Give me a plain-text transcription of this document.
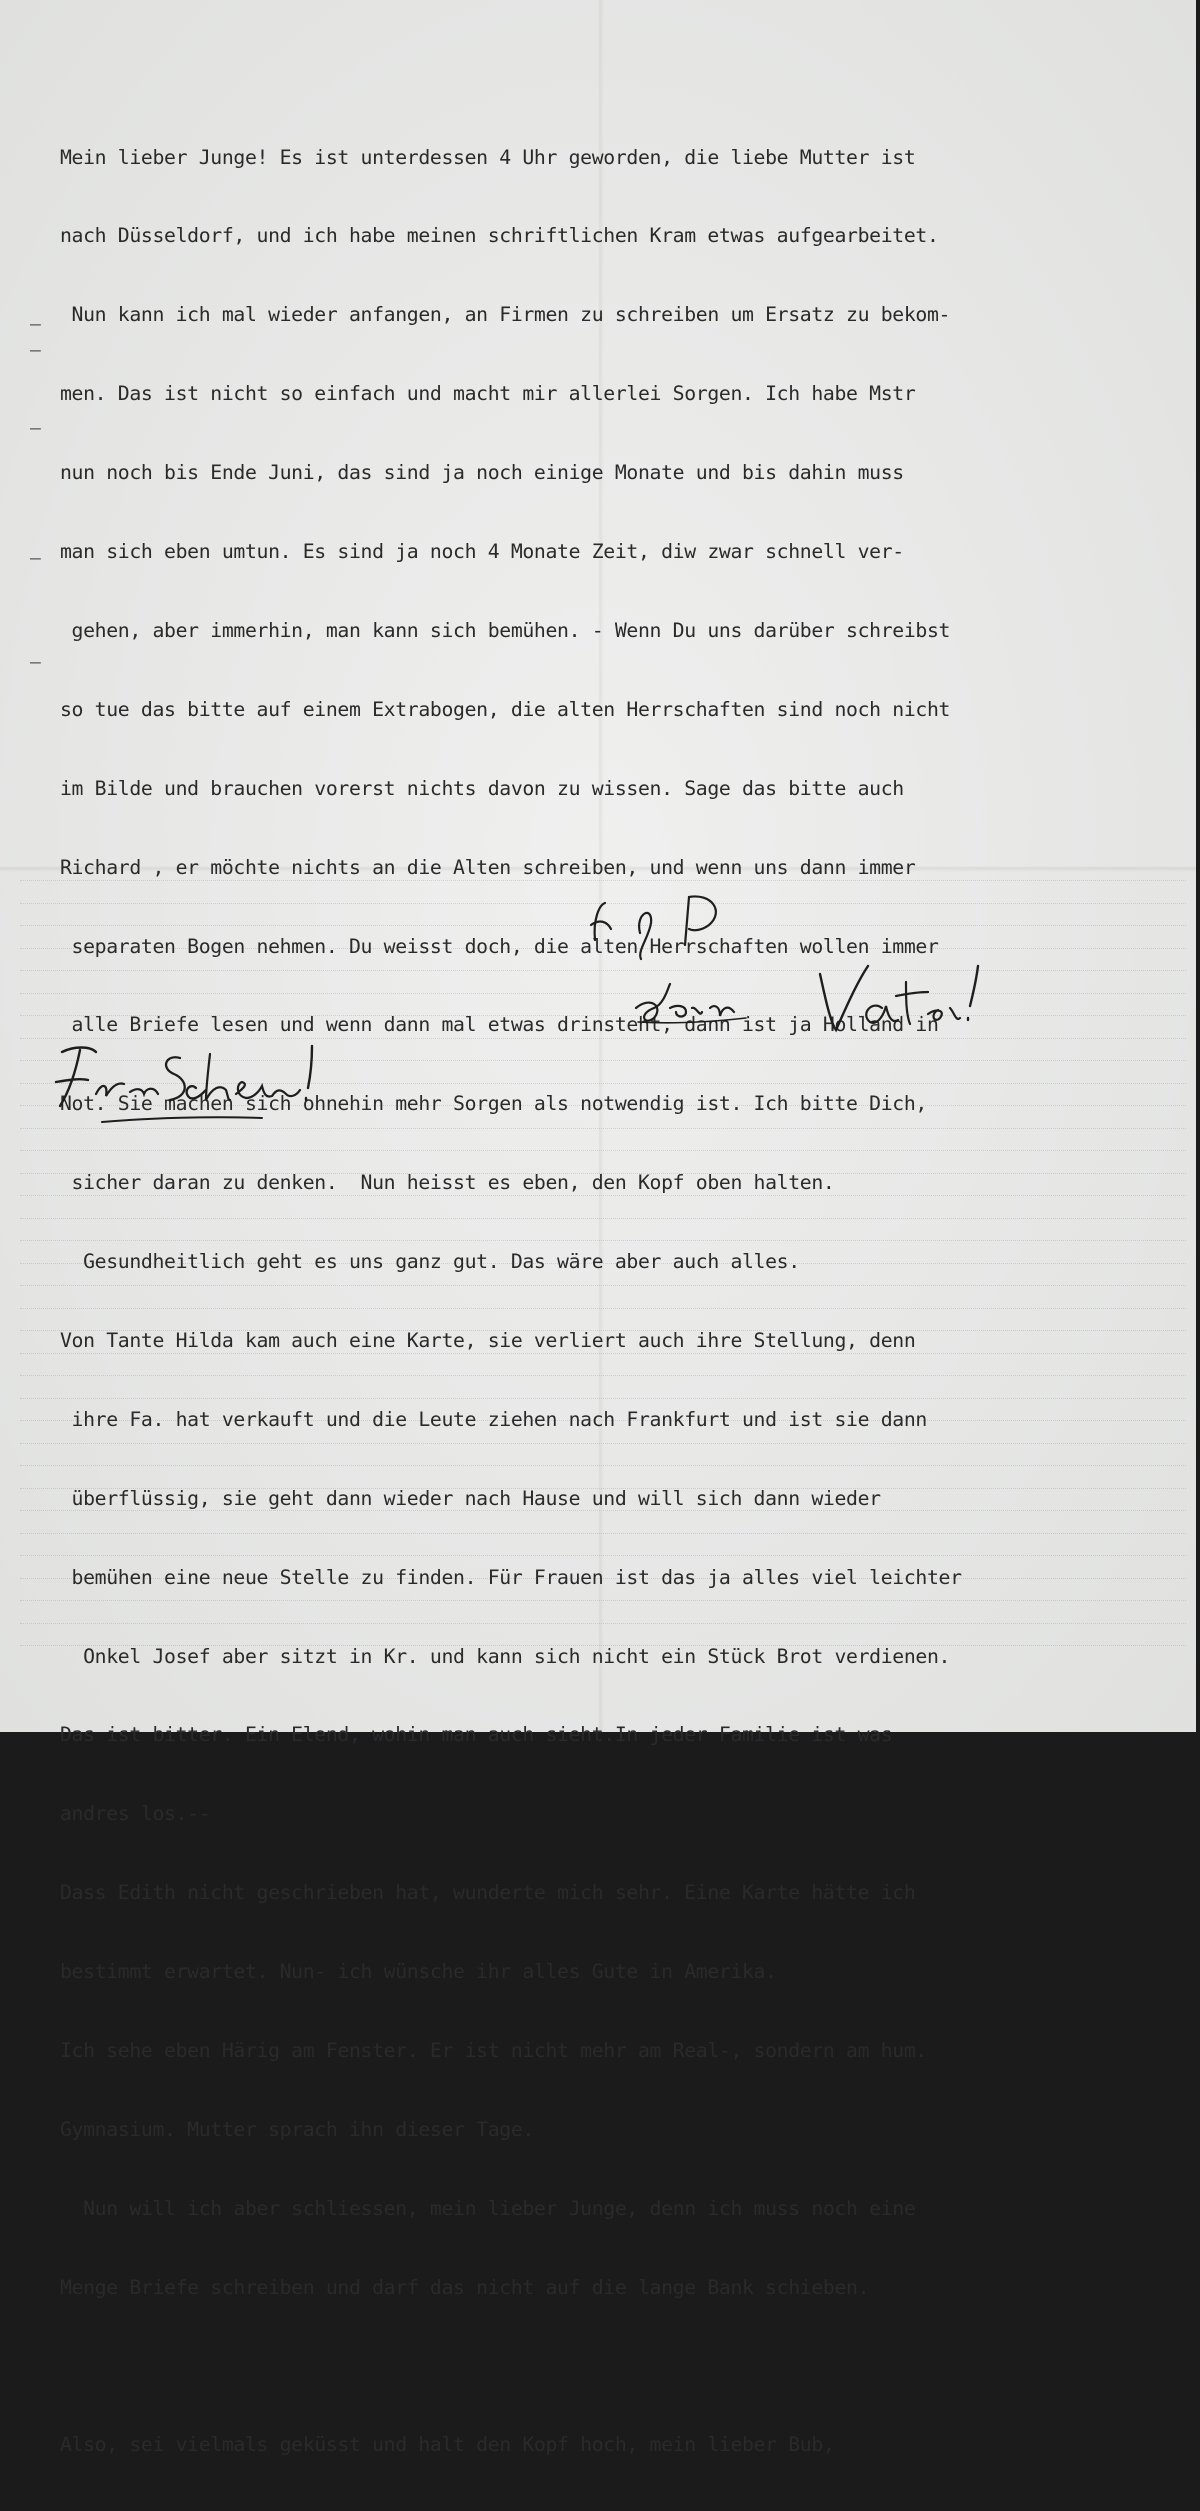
–
–
–
–
–

Mein lieber Junge! Es ist unterdessen 4 Uhr geworden, die liebe Mutter ist

nach Düsseldorf, und ich habe meinen schriftlichen Kram etwas aufgearbeitet.

Nun kann ich mal wieder anfangen, an Firmen zu schreiben um Ersatz zu bekom-

men. Das ist nicht so einfach und macht mir allerlei Sorgen. Ich habe Mstr

nun noch bis Ende Juni, das sind ja noch einige Monate und bis dahin muss

man sich eben umtun. Es sind ja noch 4 Monate Zeit, diw zwar schnell ver-

gehen, aber immerhin, man kann sich bemühen. - Wenn Du uns darüber schreibst

so tue das bitte auf einem Extrabogen, die alten Herrschaften sind noch nicht

im Bilde und brauchen vorerst nichts davon zu wissen. Sage das bitte auch

Richard , er möchte nichts an die Alten schreiben, und wenn uns dann immer

separaten Bogen nehmen. Du weisst doch, die alten Herrschaften wollen immer

alle Briefe lesen und wenn dann mal etwas drinsteht, dann ist ja Holland in

Not. Sie machen sich ohnehin mehr Sorgen als notwendig ist. Ich bitte Dich,

sicher daran zu denken.  Nun heisst es eben, den Kopf oben halten.

Gesundheitlich geht es uns ganz gut. Das wäre aber auch alles.

Von Tante Hilda kam auch eine Karte, sie verliert auch ihre Stellung, denn

ihre Fa. hat verkauft und die Leute ziehen nach Frankfurt und ist sie dann

überflüssig, sie geht dann wieder nach Hause und will sich dann wieder

bemühen eine neue Stelle zu finden. Für Frauen ist das ja alles viel leichter

Onkel Josef aber sitzt in Kr. und kann sich nicht ein Stück Brot verdienen.

Das ist bitter. Ein Elend, wohin man auch sieht.In jeder Familie ist was

andres los.--

Dass Edith nicht geschrieben hat, wunderte mich sehr. Eine Karte hätte ich

bestimmt erwartet. Nun- ich wünsche ihr alles Gute in Amerika.

Ich sehe eben Härig am Fenster. Er ist nicht mehr am Real-, sondern am hum.

Gymnasium. Mutter sprach ihn dieser Tage.

Nun will ich aber schliessen, mein lieber Junge, denn ich muss noch eine

Menge Briefe schreiben und darf das nicht auf die lange Bank schieben.

Also, sei vielmals geküsst und halt den Kopf hoch, mein lieber Bub,
